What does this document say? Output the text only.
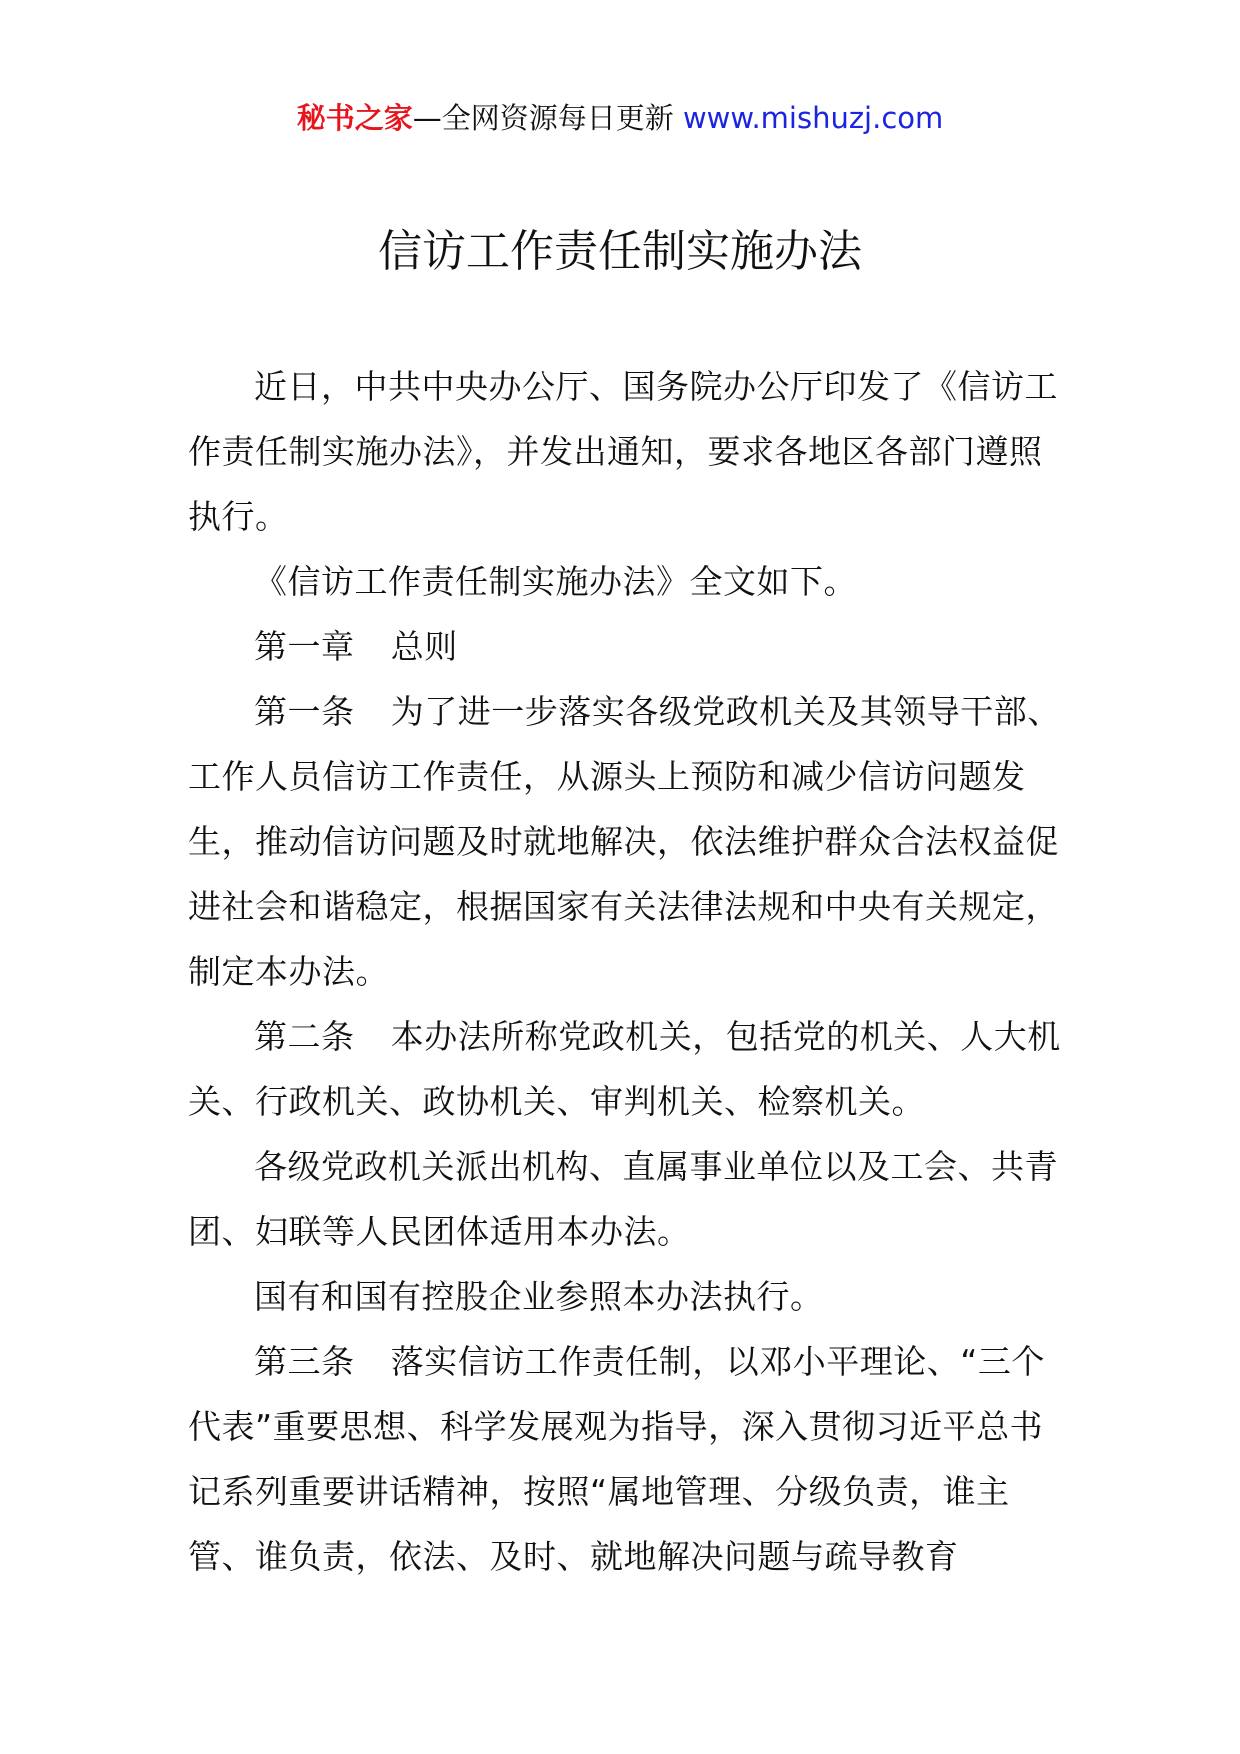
秘书之家—全网资源每日更新 www.mishuzj.com
信访工作责任制实施办法

近日，中共中央办公厅、国务院办公厅印发了《信访工作责任制实施办法》，并发出通知，要求各地区各部门遵照执行。

《信访工作责任制实施办法》全文如下。

第一章 总则

第一条 为了进一步落实各级党政机关及其领导干部、工作人员信访工作责任，从源头上预防和减少信访问题发生，推动信访问题及时就地解决，依法维护群众合法权益促进社会和谐稳定，根据国家有关法律法规和中央有关规定，制定本办法。

第二条 本办法所称党政机关，包括党的机关、人大机关、行政机关、政协机关、审判机关、检察机关。

各级党政机关派出机构、直属事业单位以及工会、共青团、妇联等人民团体适用本办法。

国有和国有控股企业参照本办法执行。

第三条 落实信访工作责任制，以邓小平理论、“三个代表”重要思想、科学发展观为指导，深入贯彻习近平总书记系列重要讲话精神，按照“属地管理、分级负责，谁主管、谁负责，依法、及时、就地解决问题与疏导教育
